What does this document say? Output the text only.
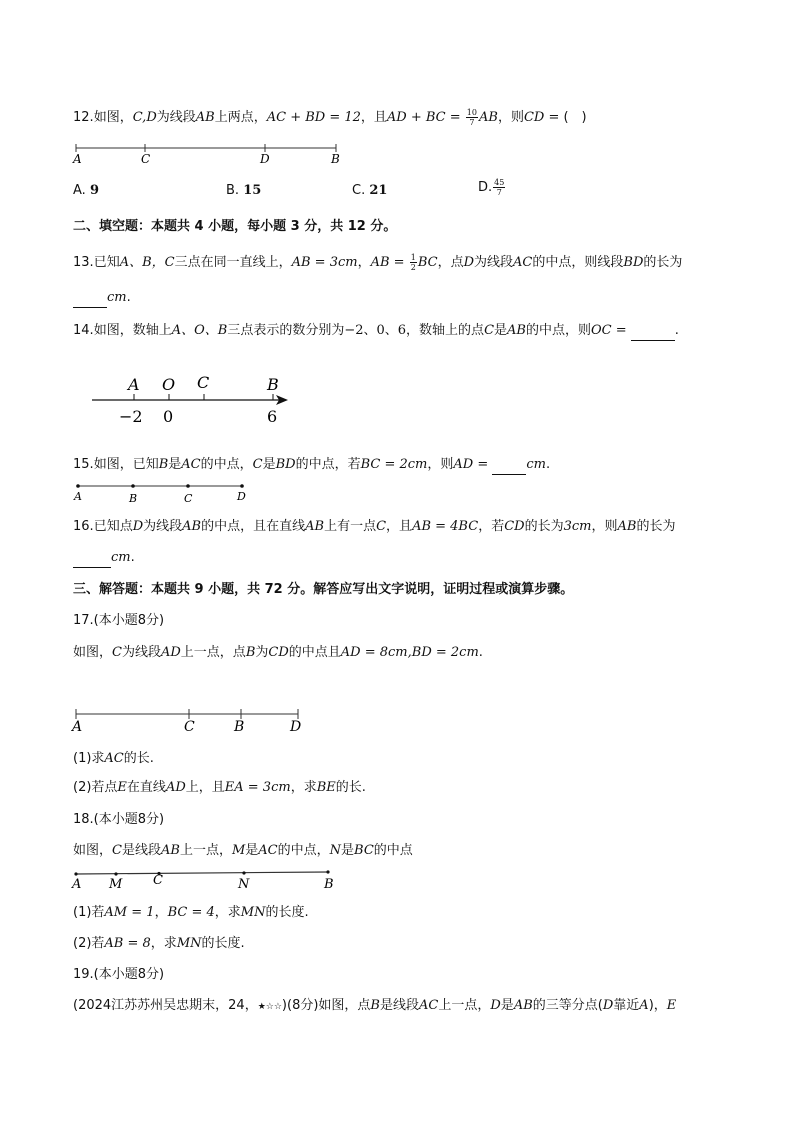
12.如图，C,D为线段AB上两点，AC + BD = 12，且AD + BC = $\frac{10}{7}$ AB，则CD = (　)
A	C	D	B
A. 9	B. 15	C. 21	D. $\frac{45}{7}$
二、填空题：本题共 4 小题，每小题 3 分，共 12 分。
13.已知A、B，C三点在同一直线上，AB = 3cm，AB = $\frac{1}{2}$ BC，点D为线段AC的中点，则线段BD的长为
cm.
14.如图，数轴上A、O、B三点表示的数分别为−2、0、6，数轴上的点C是AB的中点，则OC =	.
A O C	B
−2 0	6
15.如图，已知B是AC的中点，C是BD的中点，若BC = 2cm，则AD =	cm.
A	B	C	D
16.已知点D为线段AB的中点，且在直线AB上有一点C，且AB = 4BC，若CD的长为3cm，则AB的长为
cm.
三、解答题：本题共 9 小题，共 72 分。解答应写出文字说明，证明过程或演算步骤。
17.(本小题8分)
如图，C为线段AD上一点，点B为CD的中点且AD = 8cm,BD = 2cm.
A	C	B	D
(1)求AC的长.
(2)若点E在直线AD上，且EA = 3cm，求BE的长.
18.(本小题8分)
如图，C是线段AB上一点，M是AC的中点，N是BC的中点
A M C	N	B
(1)若AM = 1，BC = 4，求MN的长度.
(2)若AB = 8，求MN的长度.
19.(本小题8分)
(2024江苏苏州吴忠期末，24，★☆☆)(8分)如图，点B是线段AC上一点，D是AB的三等分点(D靠近A)，E
